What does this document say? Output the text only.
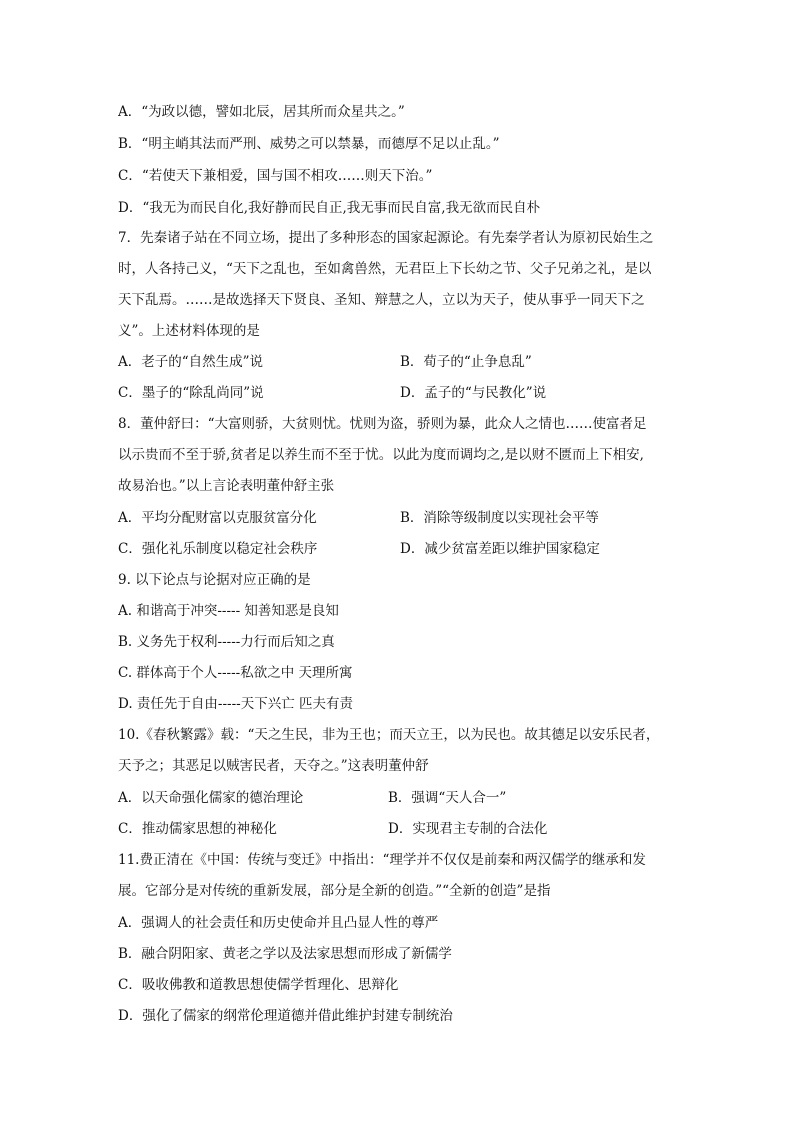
A．“为政以德，譬如北辰，居其所而众星共之。”
B．“明主峭其法而严刑、威势之可以禁暴，而德厚不足以止乱。”
C．“若使天下兼相爱，国与国不相攻……则天下治。”
D．“我无为而民自化,我好静而民自正,我无事而民自富,我无欲而民自朴
7．先秦诸子站在不同立场，提出了多种形态的国家起源论。有先秦学者认为原初民始生之
时，人各持己义，“天下之乱也，至如禽兽然，无君臣上下长幼之节、父子兄弟之礼，是以
天下乱焉。……是故选择天下贤良、圣知、辩慧之人，立以为天子，使从事乎一同天下之
义”。上述材料体现的是
A．老子的“自然生成”说	B．荀子的“止争息乱”
C．墨子的“除乱尚同”说	D．孟子的“与民教化”说
8．董仲舒曰：“大富则骄，大贫则忧。忧则为盗，骄则为暴，此众人之情也……使富者足
以示贵而不至于骄,贫者足以养生而不至于忧。以此为度而调均之,是以财不匮而上下相安,
故易治也。”以上言论表明董仲舒主张
A．平均分配财富以克服贫富分化	B．消除等级制度以实现社会平等
C．强化礼乐制度以稳定社会秩序	D．减少贫富差距以维护国家稳定
9. 以下论点与论据对应正确的是
A. 和谐高于冲突----- 知善知恶是良知
B. 义务先于权利-----力行而后知之真
C. 群体高于个人-----私欲之中 天理所寓
D. 责任先于自由-----天下兴亡 匹夫有责
10.《春秋繁露》载：“天之生民，非为王也；而天立王，以为民也。故其德足以安乐民者，
天予之；其恶足以贼害民者，天夺之。”这表明董仲舒
A．以天命强化儒家的德治理论	B．强调“天人合一”
C．推动儒家思想的神秘化	D．实现君主专制的合法化
11.费正清在《中国：传统与变迁》中指出：“理学并不仅仅是前秦和两汉儒学的继承和发
展。它部分是对传统的重新发展，部分是全新的创造。”“全新的创造”是指
A．强调人的社会责任和历史使命并且凸显人性的尊严
B．融合阴阳家、黄老之学以及法家思想而形成了新儒学
C．吸收佛教和道教思想使儒学哲理化、思辩化
D．强化了儒家的纲常伦理道德并借此维护封建专制统治
